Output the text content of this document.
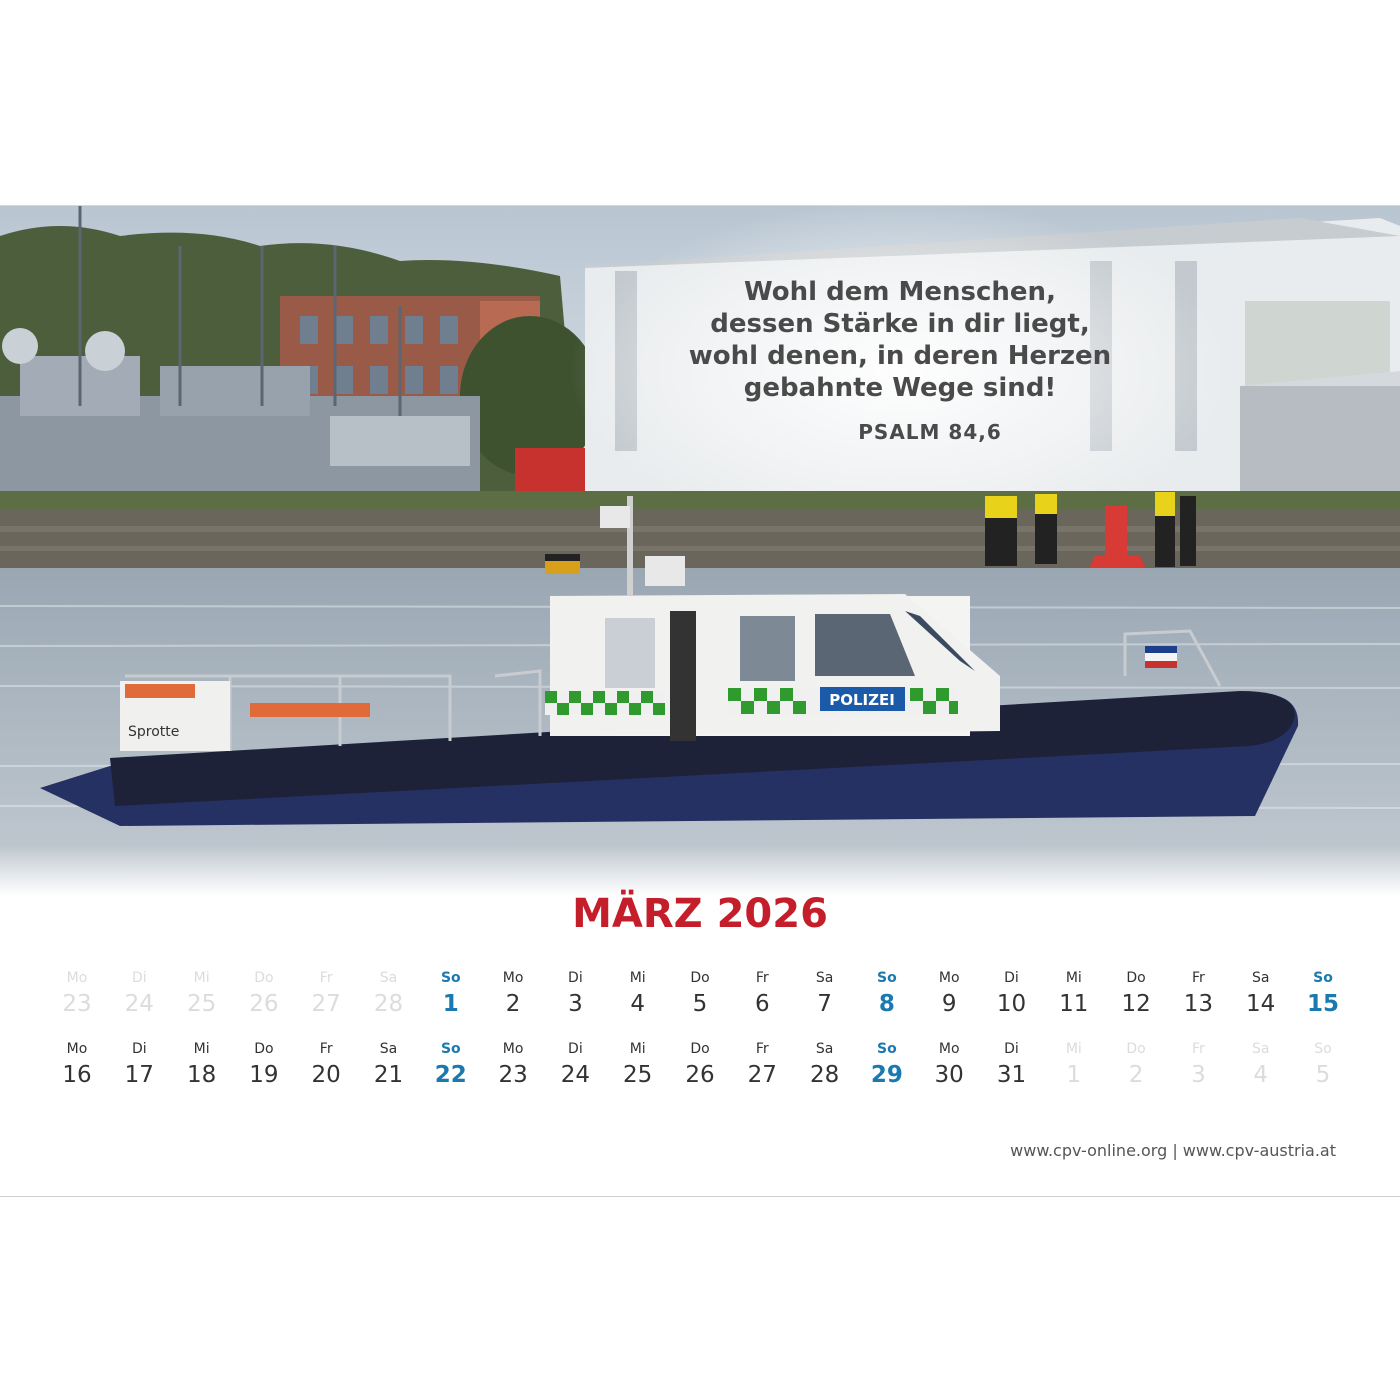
POLIZEI
Sprotte
Wohl dem Menschen,
dessen Stärke in dir liegt,
wohl denen, in deren Herzen
gebahnte Wege sind!
PSALM 84,6
MÄRZ 2026
Mo
23
Di
24
Mi
25
Do
26
Fr
27
Sa
28
So
1
Mo
2
Di
3
Mi
4
Do
5
Fr
6
Sa
7
So
8
Mo
9
Di
10
Mi
11
Do
12
Fr
13
Sa
14
So
15
Mo
16
Di
17
Mi
18
Do
19
Fr
20
Sa
21
So
22
Mo
23
Di
24
Mi
25
Do
26
Fr
27
Sa
28
So
29
Mo
30
Di
31
Mi
1
Do
2
Fr
3
Sa
4
So
5
www.cpv-online.org | www.cpv-austria.at
